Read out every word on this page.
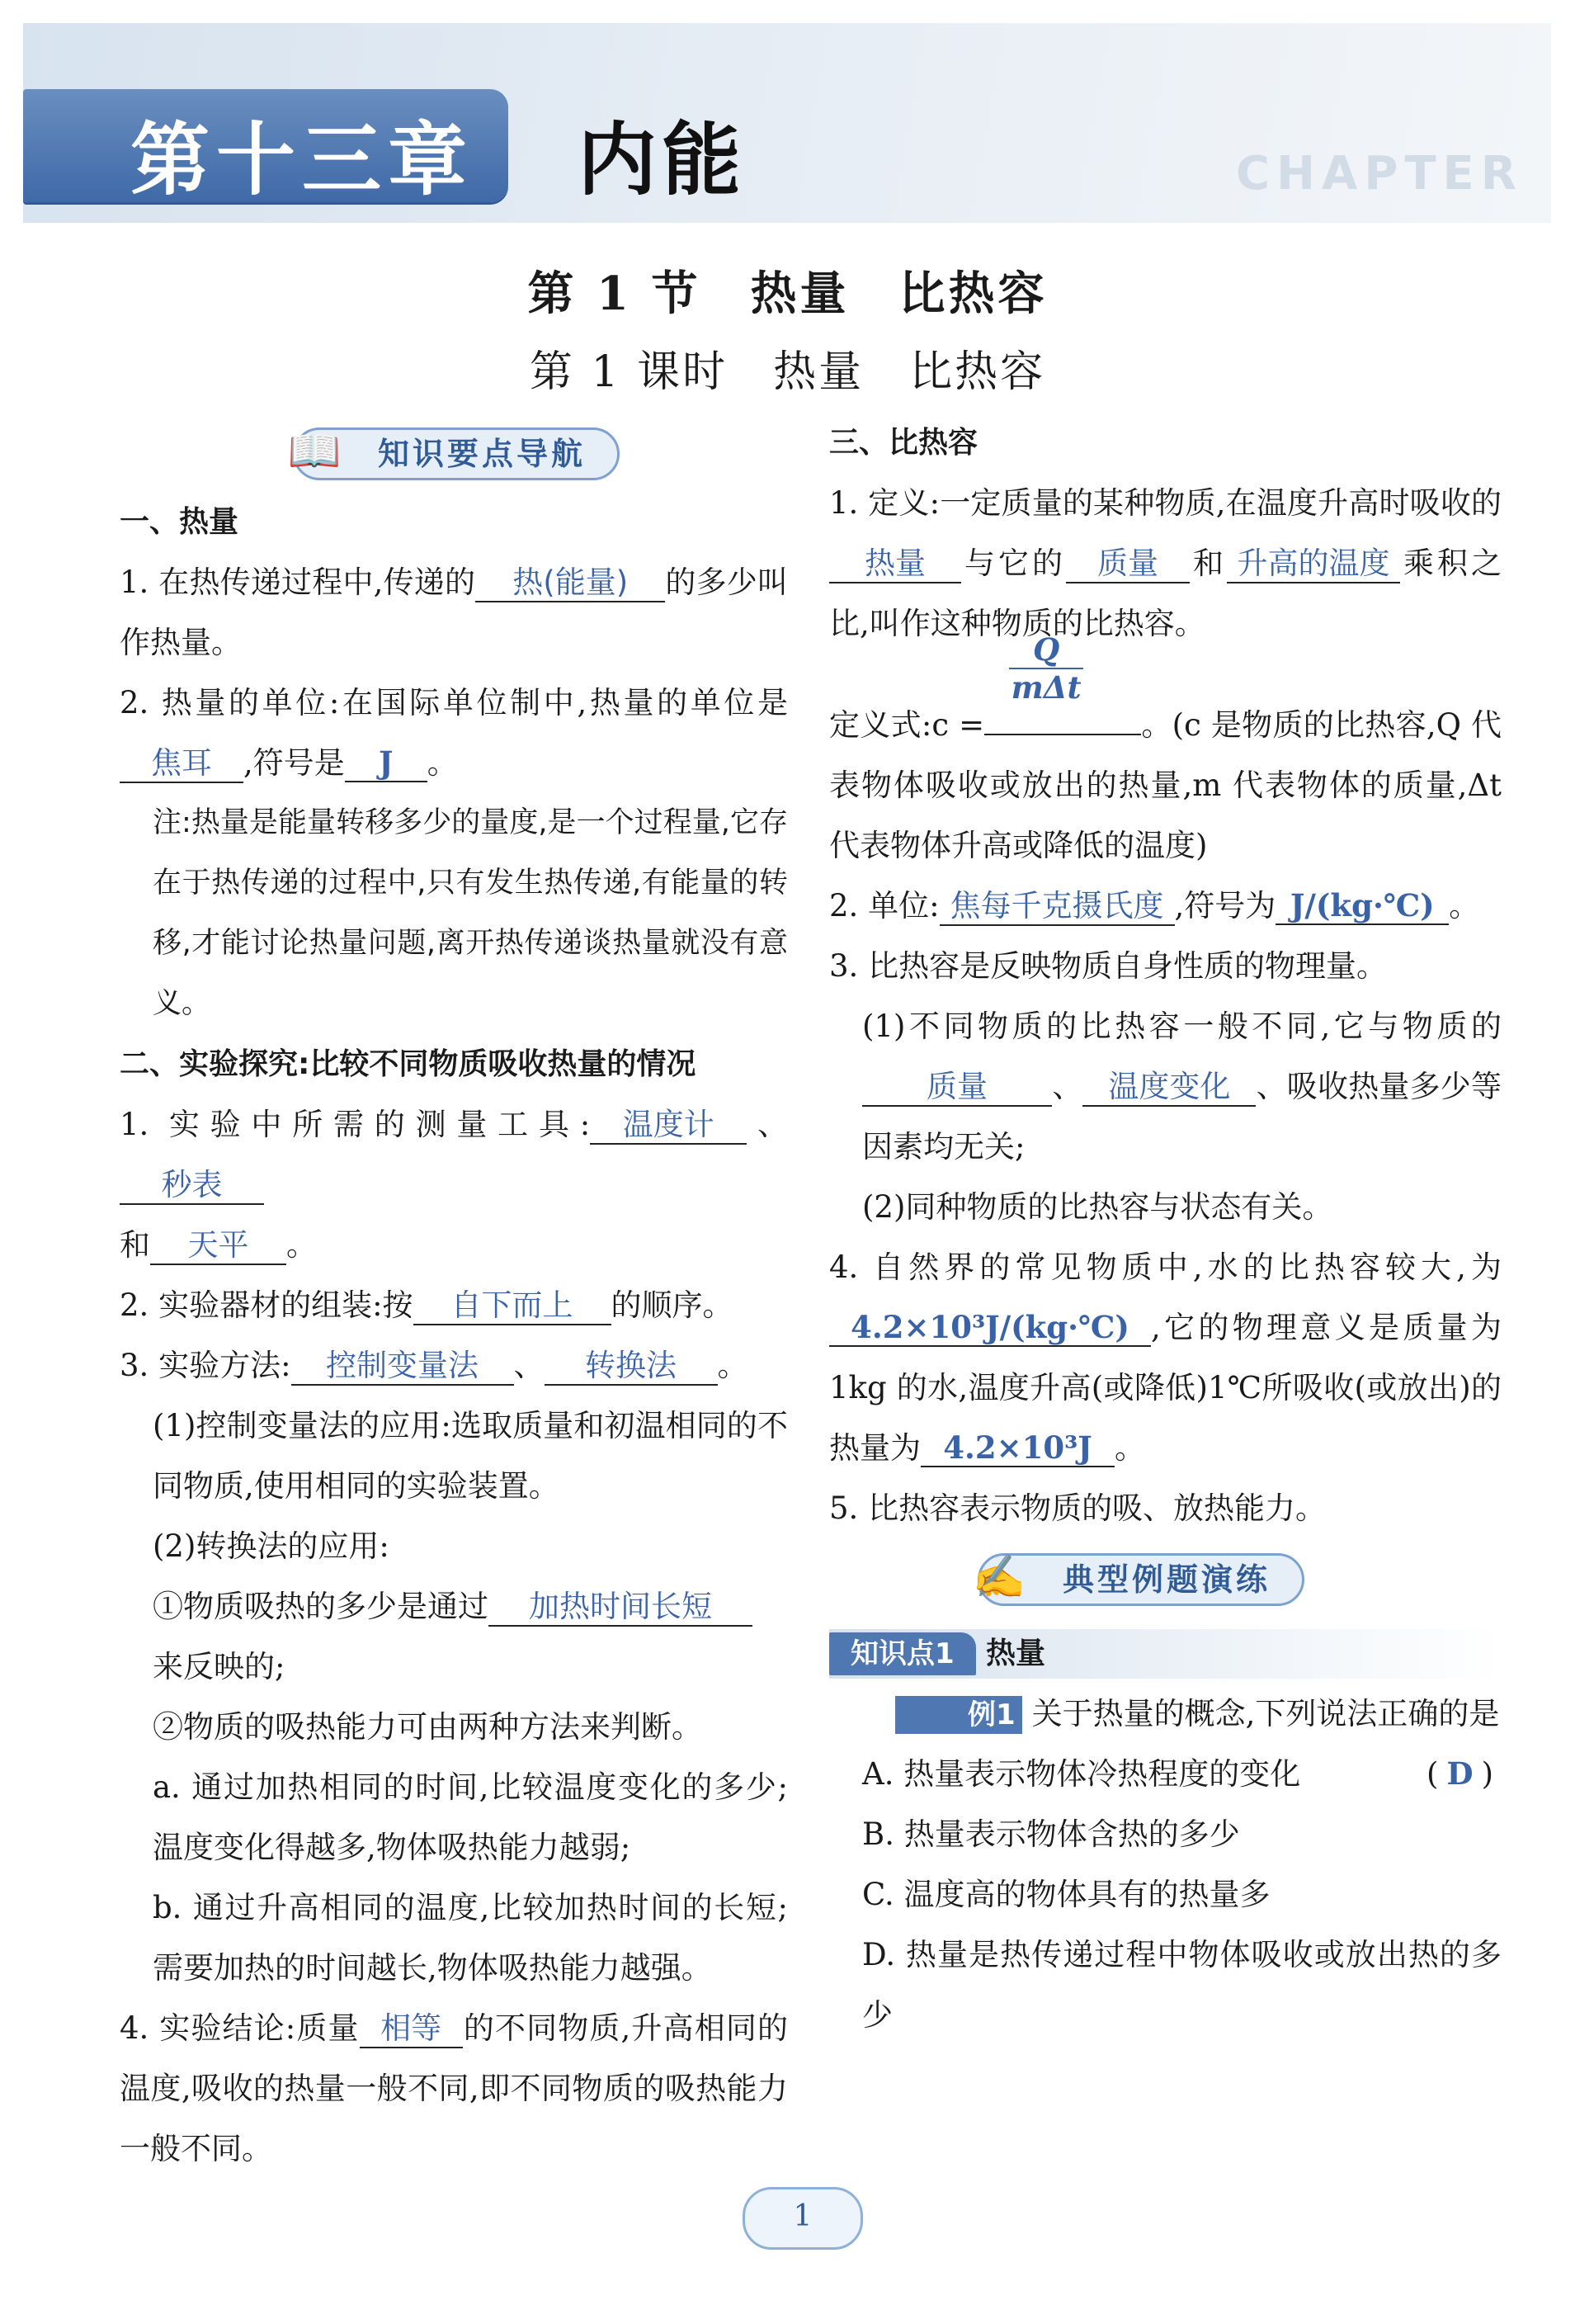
CHAPTER
第十三章 内能
第 1 节　热量　比热容
第 1 课时　热量　比热容
知识要点导航
📖

一、热量

1. 在热传递过程中,传递的 热(能量) 的多少叫作热量。

2. 热量的单位:在国际单位制中,热量的单位是焦耳 ,符号是 J 。

注:热量是能量转移多少的量度,是一个过程量,它存在于热传递的过程中,只有发生热传递,有能量的转移,才能讨论热量问题,离开热传递谈热量就没有意义。

二、实验探究:比较不同物质吸收热量的情况

1. 实验中所需的测量工具: 温度计 、秒表
和 天平 。

2. 实验器材的组装:按 自下而上 的顺序。

3. 实验方法: 控制变量法 、 转换法 。

(1)控制变量法的应用:选取质量和初温相同的不同物质,使用相同的实验装置。

(2)转换法的应用:

①物质吸热的多少是通过 加热时间长短
来反映的;

②物质的吸热能力可由两种方法来判断。

a. 通过加热相同的时间,比较温度变化的多少;温度变化得越多,物体吸热能力越弱;

b. 通过升高相同的温度,比较加热时间的长短;需要加热的时间越长,物体吸热能力越强。

4. 实验结论:质量 相等 的不同物质,升高相同的温度,吸收的热量一般不同,即不同物质的吸热能力一般不同。

三、比热容

1. 定义:一定质量的某种物质,在温度升高时吸收的热量 与它的 质量 和 升高的温度 乘积之比,叫作这种物质的比热容。

定义式:c =
Q
mΔt
。(c 是物质的比热容,Q 代表物体吸收或放出的热量,m 代表物体的质量,Δt 代表物体升高或降低的温度)

2. 单位: 焦每千克摄氏度 ,符号为 J/(kg·℃) 。

3. 比热容是反映物质自身性质的物理量。

(1)不同物质的比热容一般不同,它与物质的质量 、 温度变化 、吸收热量多少等因素均无关;

(2)同种物质的比热容与状态有关。

4. 自然界的常见物质中,水的比热容较大,为4.2×10³J/(kg·℃) ,它的物理意义是质量为 1kg 的水,温度升高(或降低)1℃所吸收(或放出)的热量为 4.2×10³J 。

5. 比热容表示物质的吸、放热能力。

典型例题演练
✍
知识点1	热量

例1 关于热量的概念,下列说法正确的是
(D)

A. 热量表示物体冷热程度的变化

B. 热量表示物体含热的多少

C. 温度高的物体具有的热量多

D. 热量是热传递过程中物体吸收或放出热的多少

1
